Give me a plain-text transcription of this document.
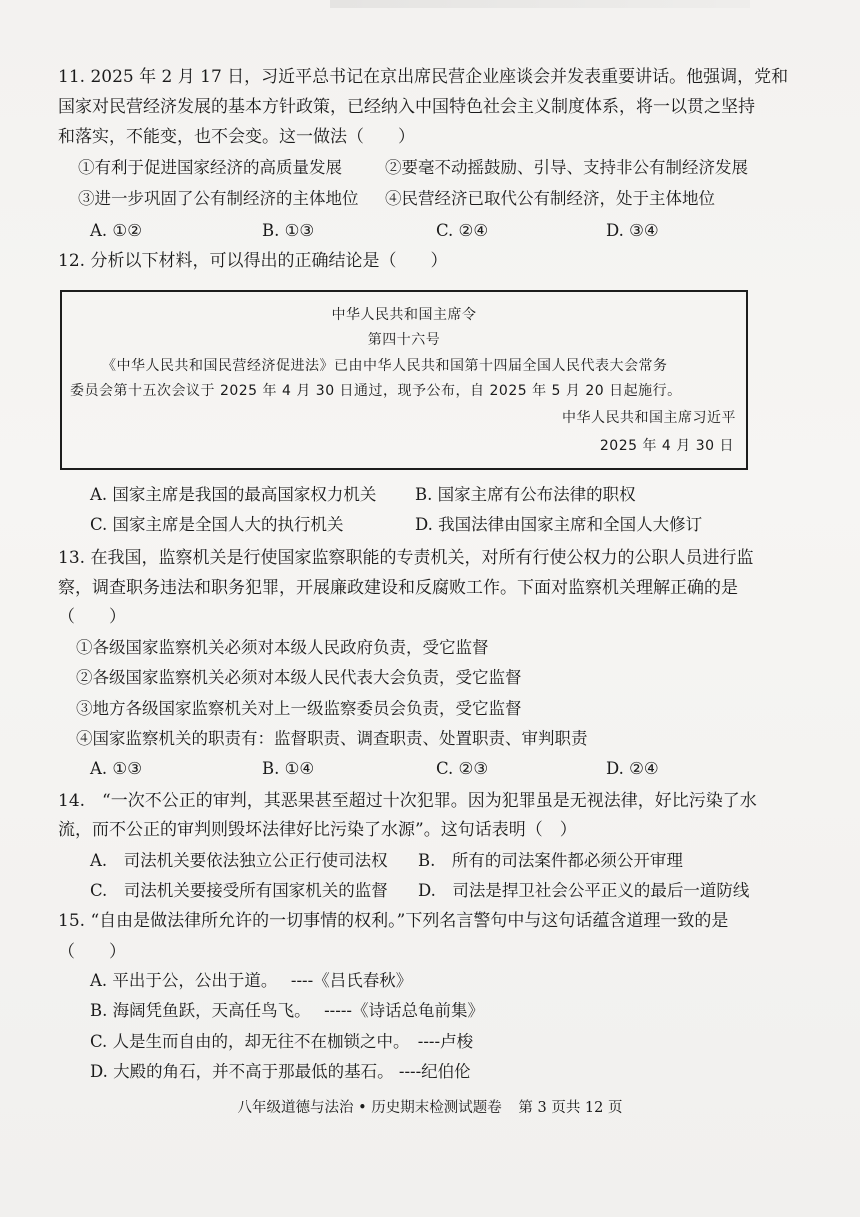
11. 2025 年 2 月 17 日，习近平总书记在京出席民营企业座谈会并发表重要讲话。他强调，党和
国家对民营经济发展的基本方针政策，已经纳入中国特色社会主义制度体系，将一以贯之坚持
和落实，不能变，也不会变。这一做法（　　）
①有利于促进国家经济的高质量发展	②要毫不动摇鼓励、引导、支持非公有制经济发展
③进一步巩固了公有制经济的主体地位 ④民营经济已取代公有制经济，处于主体地位
A. ①②	B. ①③	C. ②④	D. ③④
12. 分析以下材料，可以得出的正确结论是（　　）
中华人民共和国主席令
第四十六号
《中华人民共和国民营经济促进法》已由中华人民共和国第十四届全国人民代表大会常务
委员会第十五次会议于 2025 年 4 月 30 日通过，现予公布，自 2025 年 5 月 20 日起施行。
中华人民共和国主席习近平
2025 年 4 月 30 日
A. 国家主席是我国的最高国家权力机关 B. 国家主席有公布法律的职权
C. 国家主席是全国人大的执行机关	D. 我国法律由国家主席和全国人大修订
13. 在我国，监察机关是行使国家监察职能的专责机关，对所有行使公权力的公职人员进行监
察，调查职务违法和职务犯罪，开展廉政建设和反腐败工作。下面对监察机关理解正确的是
（　　）
①各级国家监察机关必须对本级人民政府负责，受它监督
②各级国家监察机关必须对本级人民代表大会负责，受它监督
③地方各级国家监察机关对上一级监察委员会负责，受它监督
④国家监察机关的职责有：监督职责、调查职责、处置职责、审判职责
A. ①③	B. ①④	C. ②③	D. ②④
14.　“一次不公正的审判，其恶果甚至超过十次犯罪。因为犯罪虽是无视法律，好比污染了水
流，而不公正的审判则毁坏法律好比污染了水源”。这句话表明（　）
A.　司法机关要依法独立公正行使司法权 B.　所有的司法案件都必须公开审理
C.　司法机关要接受所有国家机关的监督 D.　司法是捍卫社会公平正义的最后一道防线
15. “自由是做法律所允许的一切事情的权利。”下列名言警句中与这句话蕴含道理一致的是
（　　）
A. 平出于公，公出于道。　 ----《吕氏春秋》
B. 海阔凭鱼跃，天高任鸟飞。　 -----《诗话总龟前集》
C. 人是生而自由的，却无往不在枷锁之中。　----卢梭
D. 大殿的角石，并不高于那最低的基石。 ----纪伯伦
八年级道德与法治 • 历史期末检测试题卷 第 3 页共 12 页
